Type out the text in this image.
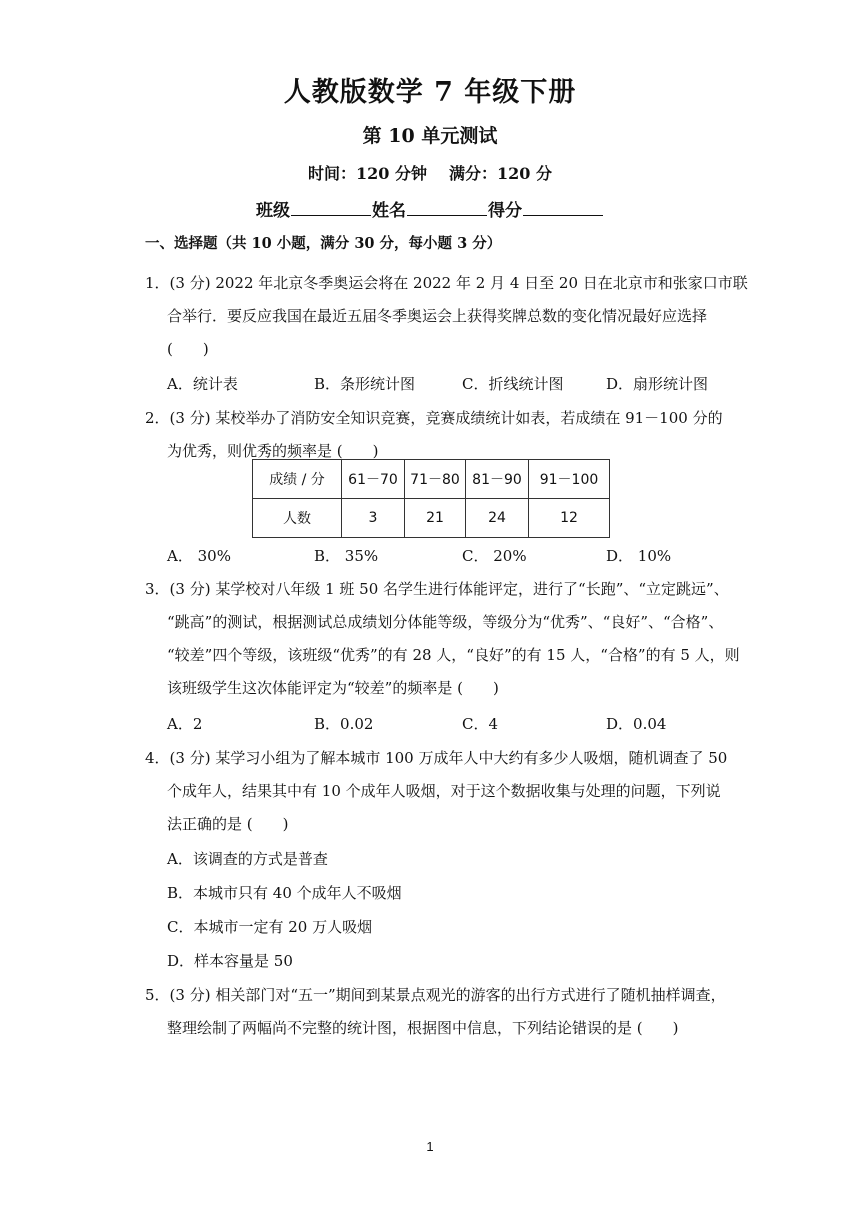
人教版数学 7 年级下册
第 10 单元测试
时间：120 分钟 满分：120 分
班级	姓名	得分
一、选择题（共 10 小题，满分 30 分，每小题 3 分）
1．(3 分) 2022 年北京冬季奥运会将在 2022 年 2 月 4 日至 20 日在北京市和张家口市联
合举行．要反应我国在最近五届冬季奥运会上获得奖牌总数的变化情况最好应选择
(　　)
A．统计表	B．条形统计图	C．折线统计图	D．扇形统计图
2．(3 分) 某校举办了消防安全知识竞赛，竞赛成绩统计如表，若成绩在 91－100 分的
为优秀，则优秀的频率是 (　　)
成绩 / 分	61－70	71－80	81－90	91－100
人数	3	21	24	12
A． 30%	B． 35%	C． 20%	D． 10%
3．(3 分) 某学校对八年级 1 班 50 名学生进行体能评定，进行了“长跑”、“立定跳远”、
“跳高”的测试，根据测试总成绩划分体能等级，等级分为“优秀”、“良好”、“合格”、
“较差”四个等级，该班级“优秀”的有 28 人，“良好”的有 15 人，“合格”的有 5 人，则
该班级学生这次体能评定为“较差”的频率是 (　　)
A．2	B．0.02	C．4	D．0.04
4．(3 分) 某学习小组为了解本城市 100 万成年人中大约有多少人吸烟，随机调查了 50
个成年人，结果其中有 10 个成年人吸烟，对于这个数据收集与处理的问题，下列说
法正确的是 (　　)
A．该调查的方式是普查
B．本城市只有 40 个成年人不吸烟
C．本城市一定有 20 万人吸烟
D．样本容量是 50
5．(3 分) 相关部门对“五一”期间到某景点观光的游客的出行方式进行了随机抽样调查，
整理绘制了两幅尚不完整的统计图，根据图中信息，下列结论错误的是 (　　)
1
